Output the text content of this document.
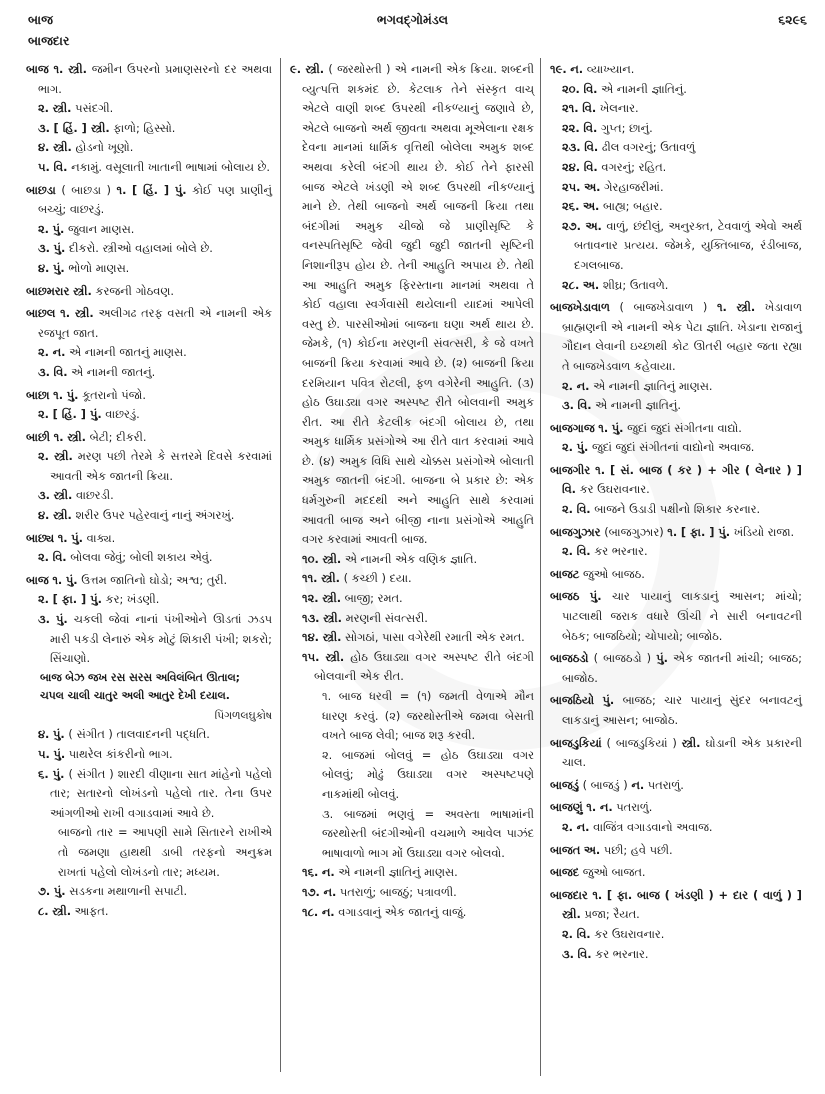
બાજ	ભગવદ્ગોમંડલ	૬૨૯૬
બાજદાર
બાજ ૧. સ્ત્રી. જમીન ઉપરનો પ્રમાણસરનો દર અથવા ભાગ.
૨. સ્ત્રી. પસંદગી.
૩. [ હિં. ] સ્ત્રી. ફાળો; હિસ્સો.
૪. સ્ત્રી. હોડનો ખૂણો.
૫. વિ. નકામું. વસૂલાતી ખાતાની ભાષામાં બોલાય છે.
બાછડા ( બાછડા ) ૧. [ હિં. ] પું. કોઈ પણ પ્રાણીનું બચ્ચું; વાછરડું.
૨. પું. જુવાન માણસ.
૩. પું. દીકરો. સ્ત્રીઓ વહાલમાં બોલે છે.
૪. પું. ભોળો માણસ.
બાછમરાર સ્ત્રી. કરજની ગોઠવણ.
બાછલ ૧. સ્ત્રી. અલીગઢ તરફ વસતી એ નામની એક રજપૂત જાત.
૨. ન. એ નામની જાતનું માણસ.
૩. વિ. એ નામની જાતનું.
બાછા ૧. પું. કૂતરાનો પંજો.
૨. [ હિં. ] પું. વાછરડું.
બાછી ૧. સ્ત્રી. બેટી; દીકરી.
૨. સ્ત્રી. મરણ પછી તેરમે કે સત્તરમે દિવસે કરવામાં આવતી એક જાતની ક્રિયા.
૩. સ્ત્રી. વાછરડી.
૪. સ્ત્રી. શરીર ઉપર પહેરવાનું નાનું અંગરખું.
બાછ્ય ૧. પું. વાક્ય.
૨. વિ. બોલવા જેવું; બોલી શકાય એવું.
બાજ ૧. પું. ઉત્તમ જાતિનો ઘોડો; અશ્વ; તુરી.
૨. [ ફા. ] પું. કર; ખંડણી.
૩. પું. ચકલી જેવાં નાનાં પંખીઓને ઊડતાં ઝડપ મારી પકડી લેનારું એક મોટું શિકારી પંખી; શકરો; સિંચાણો.
બાજ બેઝ જખ રસ સરસ અવિલંબિત ઊતાલ;
ચપલ ચાલી ચાતુર અલી આતુર દેખી દયાલ.
પિંગળલઘુકોષ
૪. પું. ( સંગીત ) તાલવાદનની પદ્ધતિ.
૫. પું. પાથરેલ કાંકરીનો ભાગ.
૬. પું. ( સંગીત ) શારદી વીણાના સાત માંહેનો પહેલો તાર; સતારનો લોખંડનો પહેલો તાર. તેના ઉપર આંગળીઓ રાખી વગાડવામાં આવે છે.
બાજનો તાર = આપણી સામે સિતારને રાખીએ તો જમણા હાથથી ડાબી તરફનો અનુક્રમ રાખતાં પહેલો લોખંડનો તાર; મધ્યમ.
૭. પું. સડકના મથાળાની સપાટી.
૮. સ્ત્રી. આફત.
૯. સ્ત્રી. ( જરથોસ્તી ) એ નામની એક ક્રિયા. શબ્દની વ્યુત્પત્તિ શકમંદ છે. કેટલાક તેને સંસ્કૃત વાચ્ એટલે વાણી શબ્દ ઉપરથી નીકળ્યાનું જણાવે છે, એટલે બાજનો અર્થ જીવતા અથવા મૂએલાના રક્ષક દેવના માનમાં ધાર્મિક વૃત્તિથી બોલેલા અમુક શબ્દ અથવા કરેલી બંદગી થાય છે. કોઈ તેને ફારસી બાજ એટલે ખંડણી એ શબ્દ ઉપરથી નીકળ્યાનું માને છે. તેથી બાજનો અર્થ બાજની ક્રિયા તથા બંદગીમાં અમુક ચીજો જે પ્રાણીસૃષ્ટિ કે વનસ્પતિસૃષ્ટિ જેવી જુદી જુદી જાતની સૃષ્ટિની નિશાનીરૂપ હોય છે. તેની આહુતિ અપાય છે. તેથી આ આહુતિ અમુક ફિરસ્તાના માનમાં અથવા તે કોઈ વહાલા સ્વર્ગવાસી થયેલાની યાદમાં આપેલી વસ્તુ છે. પારસીઓમાં બાજના ઘણા અર્થ થાય છે. જેમકે, (૧) કોઈના મરણની સંવત્સરી, કે જે વખતે બાજની ક્રિયા કરવામાં આવે છે. (૨) બાજની ક્રિયા દરમિયાન પવિત્ર રોટલી, ફળ વગેરેની આહુતિ. (૩) હોઠ ઉઘાડ્યા વગર અસ્પષ્ટ રીતે બોલવાની અમુક રીત. આ રીતે કેટલીક બંદગી બોલાય છે, તથા અમુક ધાર્મિક પ્રસંગોએ આ રીતે વાત કરવામાં આવે છે. (૪) અમુક વિધિ સાથે ચોક્કસ પ્રસંગોએ બોલાતી અમુક જાતની બંદગી. બાજના બે પ્રકાર છે: એક ધર્મગુરુની મદદથી અને આહુતિ સાથે કરવામાં આવતી બાજ અને બીજી નાના પ્રસંગોએ આહુતિ વગર કરવામાં આવતી બાજ.
૧૦. સ્ત્રી. એ નામની એક વણિક જ્ઞાતિ.
૧૧. સ્ત્રી. ( કચ્છી ) દયા.
૧૨. સ્ત્રી. બાજી; રમત.
૧૩. સ્ત્રી. મરણની સંવત્સરી.
૧૪. સ્ત્રી. સોગઠાં, પાસા વગેરેથી રમાતી એક રમત.
૧૫. સ્ત્રી. હોઠ ઉઘાડ્યા વગર અસ્પષ્ટ રીતે બંદગી બોલવાની એક રીત.
૧. બાજ ધરવી = (૧) જમતી વેળાએ મૌન ધારણ કરવું. (૨) જરથોસ્તીએ જમવા બેસતી વખતે બાજ લેવી; બાજ શરૂ કરવી.
૨. બાજમાં બોલવું = હોઠ ઉઘાડ્યા વગર બોલવું; મોઢું ઉઘાડ્યા વગર અસ્પષ્ટપણે નાકમાંથી બોલવું.
૩. બાજમાં ભણવું = અવસ્તા ભાષામાંની જરથોસ્તી બંદગીઓની વચમાળે આવેલ પાઝંદ ભાષાવાળો ભાગ મોં ઉઘાડ્યા વગર બોલવો.
૧૬. ન. એ નામની જ્ઞાતિનું માણસ.
૧૭. ન. પતરાળું; બાજઠું; પત્રાવળી.
૧૮. ન. વગાડવાનું એક જાતનું વાજું.
૧૯. ન. વ્યાખ્યાન.
૨૦. વિ. એ નામની જ્ઞાતિનું.
૨૧. વિ. ખેલનાર.
૨૨. વિ. ગુપ્ત; છાનું.
૨૩. વિ. ઢીલ વગરનું; ઉતાવળું
૨૪. વિ. વગરનું; રહિત.
૨૫. અ. ગેરહાજરીમાં.
૨૬. અ. બાહ્ય; બહાર.
૨૭. અ. વાળું, છંદીલું, અનુરક્ત, ટેવવાળું એવો અર્થ બતાવનાર પ્રત્યય. જેમકે, યુક્તિબાજ, રંડીબાજ, દગલબાજ.
૨૮. અ. શીઘ્ર; ઉતાવળે.
બાજખેડાવાળ ( બાજખેડાવાળ ) ૧. સ્ત્રી. ખેડાવાળ બ્રાહ્મણની એ નામની એક પેટા જ્ઞાતિ. ખેડાના રાજાનું ગૌદાન લેવાની ઇચ્છાથી કોટ ઊતરી બહાર જતા રહ્યા તે બાજખેડવાળ કહેવાયા.
૨. ન. એ નામની જ્ઞાતિનું માણસ.
૩. વિ. એ નામની જ્ઞાતિનું.
બાજગાજ ૧. પું. જુદાં જુદાં સંગીતના વાદ્યો.
૨. પું. જુદાં જુદાં સંગીતનાં વાદ્યોનો અવાજ.
બાજગીર ૧. [ સં. બાજ ( કર ) + ગીર ( લેનાર ) ] વિ. કર ઉઘરાવનાર.
૨. વિ. બાજને ઉડાડી પક્ષીનો શિકાર કરનાર.
બાજગુઝાર (બાજગુઝાર) ૧. [ ફા. ] પું. ખંડિયો રાજા.
૨. વિ. કર ભરનાર.
બાજટ જુઓ બાજઠ.
બાજઠ પું. ચાર પાયાનું લાકડાનું આસન; માંચો; પાટલાથી જરાક વધારે ઊંચી ને સારી બનાવટની બેઠક; બાજઠિયો; ચોપાયો; બાજોઠ.
બાજઠડો ( બાજઠડો ) પું. એક જાતની માંચી; બાજઠ; બાજોઠ.
બાજઠિયો પું. બાજઠ; ચાર પાયાનું સુંદર બનાવટનું લાકડાનું આસન; બાજોઠ.
બાજડુકિયાં ( બાજડુકિયાં ) સ્ત્રી. ઘોડાની એક પ્રકારની ચાલ.
બાજડું ( બાજડું ) ન. પતરાળું.
બાજણું ૧. ન. પતરાળું.
૨. ન. વાજિંત્ર વગાડવાનો અવાજ.
બાજત અ. પછી; હવે પછી.
બાજદ જુઓ બાજત.
બાજદાર ૧. [ ફા. બાજ ( ખંડણી ) + દાર ( વાળું ) ] સ્ત્રી. પ્રજા; રૈયત.
૨. વિ. કર ઉઘરાવનાર.
૩. વિ. કર ભરનાર.
